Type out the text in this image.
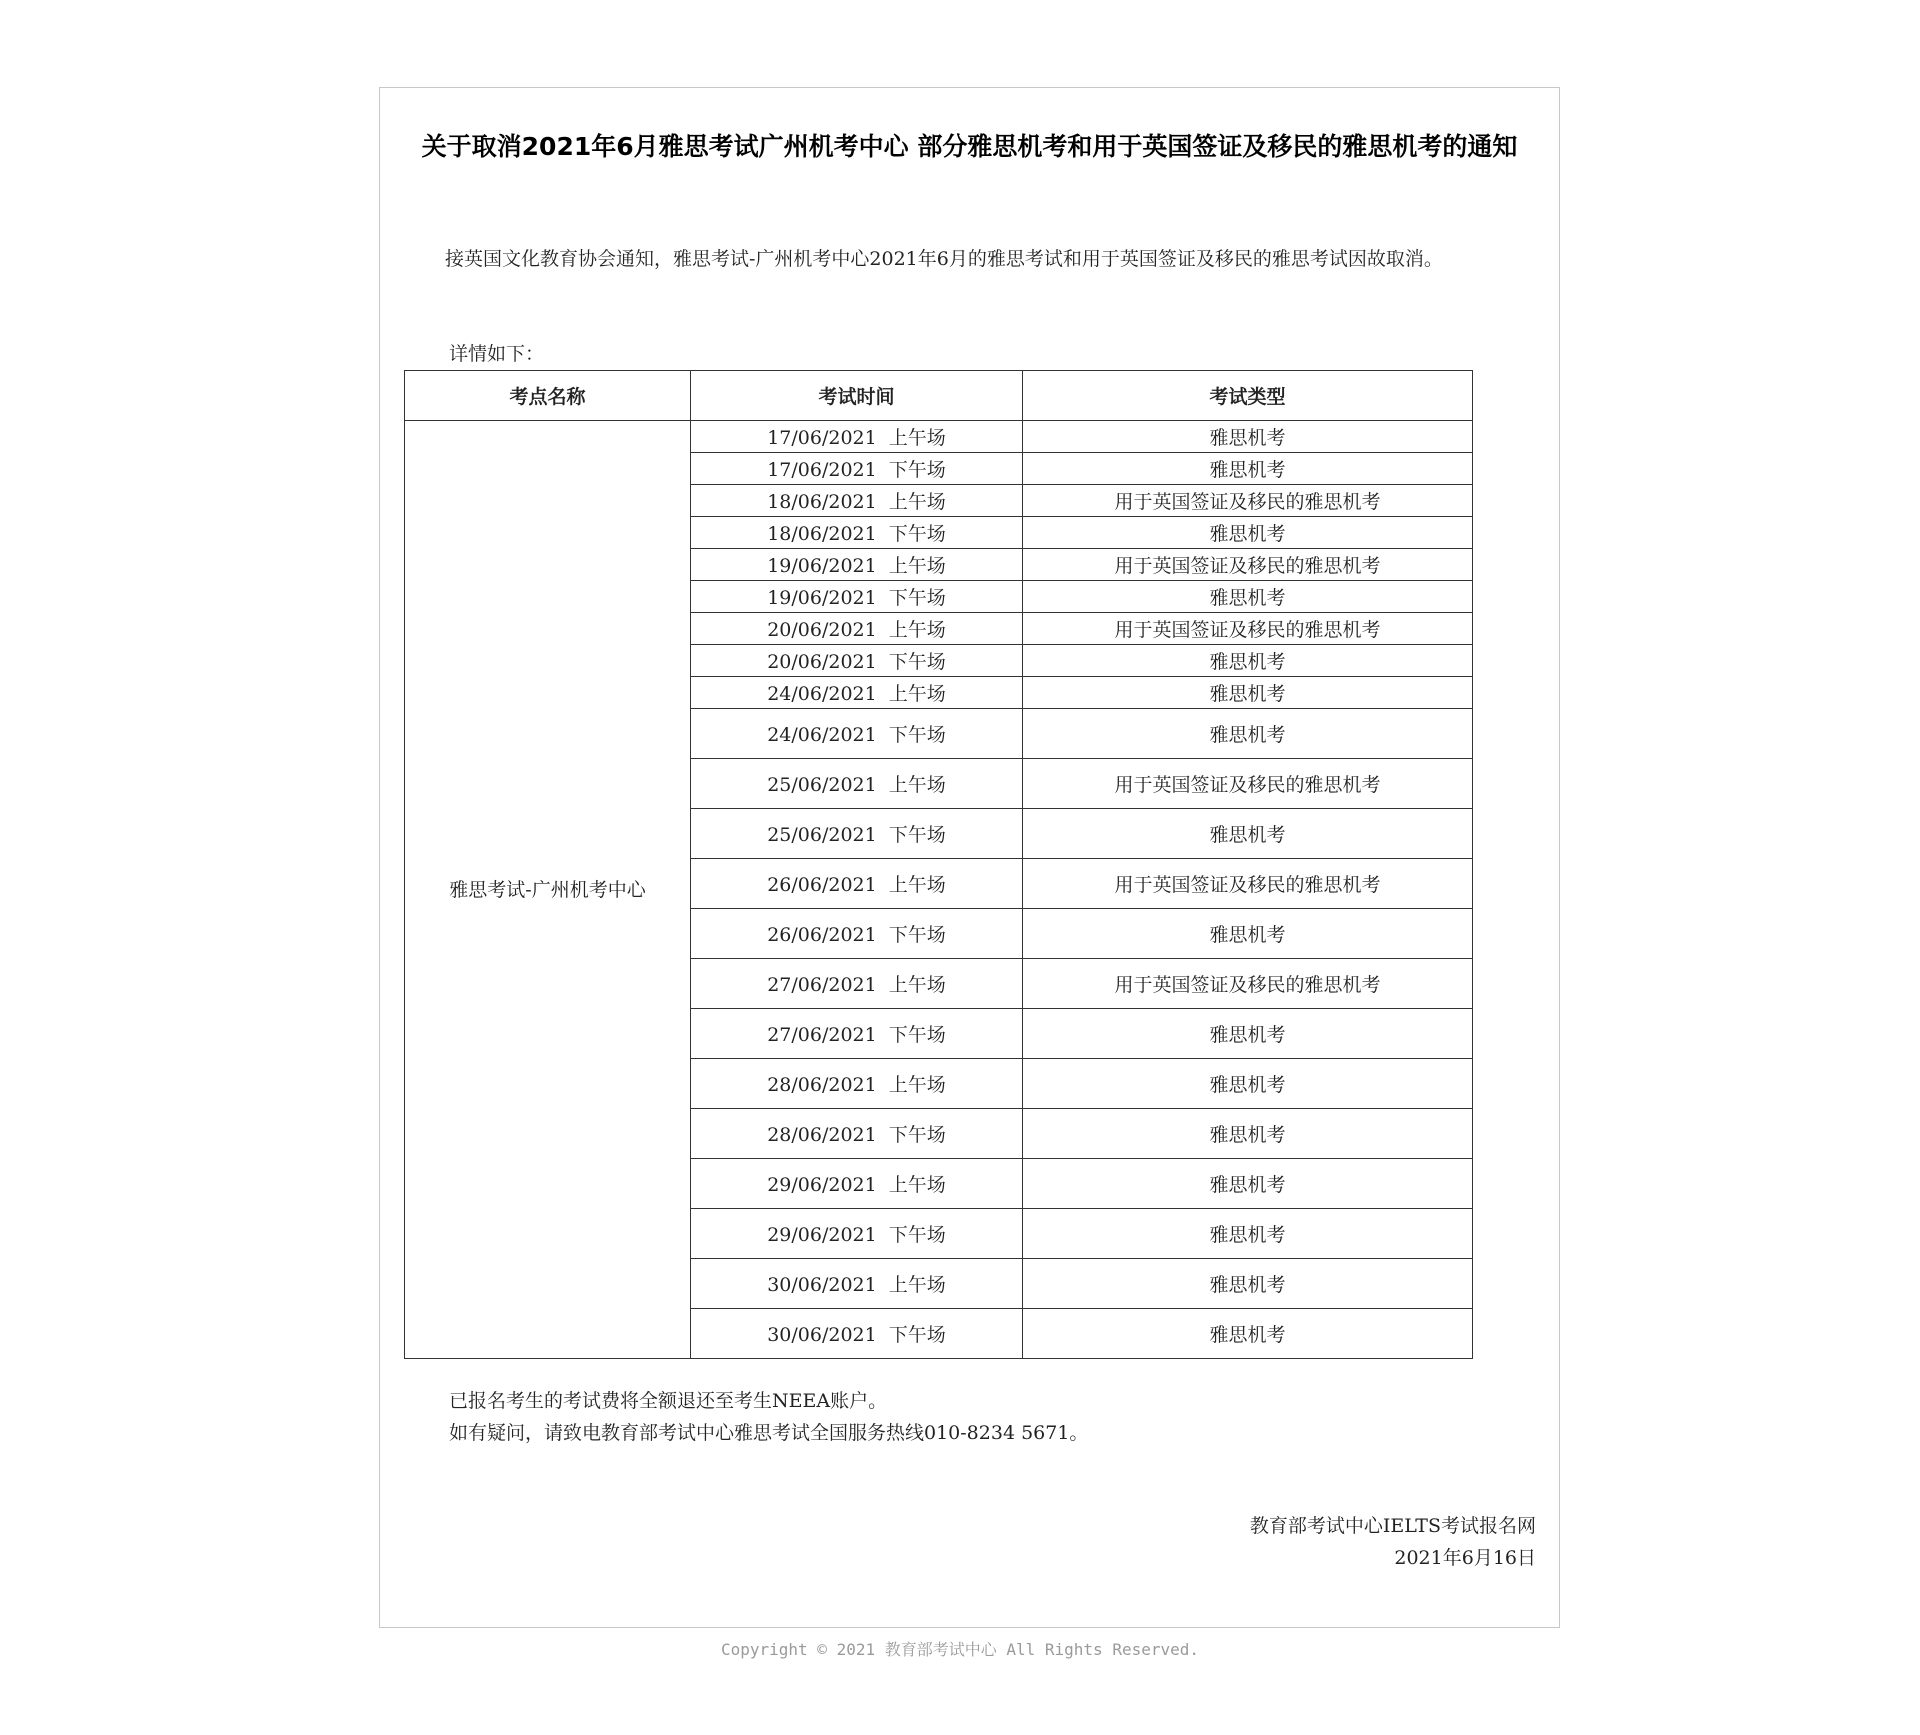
关于取消2021年6月雅思考试广州机考中心 部分雅思机考和用于英国签证及移民的雅思机考的通知
接英国文化教育协会通知，雅思考试-广州机考中心2021年6月的雅思考试和用于英国签证及移民的雅思考试因故取消。
详情如下：
考点名称	考试时间	考试类型
雅思考试-广州机考中心	17/06/2021  上午场	雅思机考
	17/06/2021  下午场	雅思机考
	18/06/2021  上午场	用于英国签证及移民的雅思机考
	18/06/2021  下午场	雅思机考
	19/06/2021  上午场	用于英国签证及移民的雅思机考
	19/06/2021  下午场	雅思机考
	20/06/2021  上午场	用于英国签证及移民的雅思机考
	20/06/2021  下午场	雅思机考
	24/06/2021  上午场	雅思机考
	24/06/2021  下午场	雅思机考
	25/06/2021  上午场	用于英国签证及移民的雅思机考
	25/06/2021  下午场	雅思机考
	26/06/2021  上午场	用于英国签证及移民的雅思机考
	26/06/2021  下午场	雅思机考
	27/06/2021  上午场	用于英国签证及移民的雅思机考
	27/06/2021  下午场	雅思机考
	28/06/2021  上午场	雅思机考
	28/06/2021  下午场	雅思机考
	29/06/2021  上午场	雅思机考
	29/06/2021  下午场	雅思机考
	30/06/2021  上午场	雅思机考
	30/06/2021  下午场	雅思机考
已报名考生的考试费将全额退还至考生NEEA账户。
如有疑问，请致电教育部考试中心雅思考试全国服务热线010-8234 5671。
教育部考试中心IELTS考试报名网
2021年6月16日
Copyright © 2021 教育部考试中心 All Rights Reserved.
